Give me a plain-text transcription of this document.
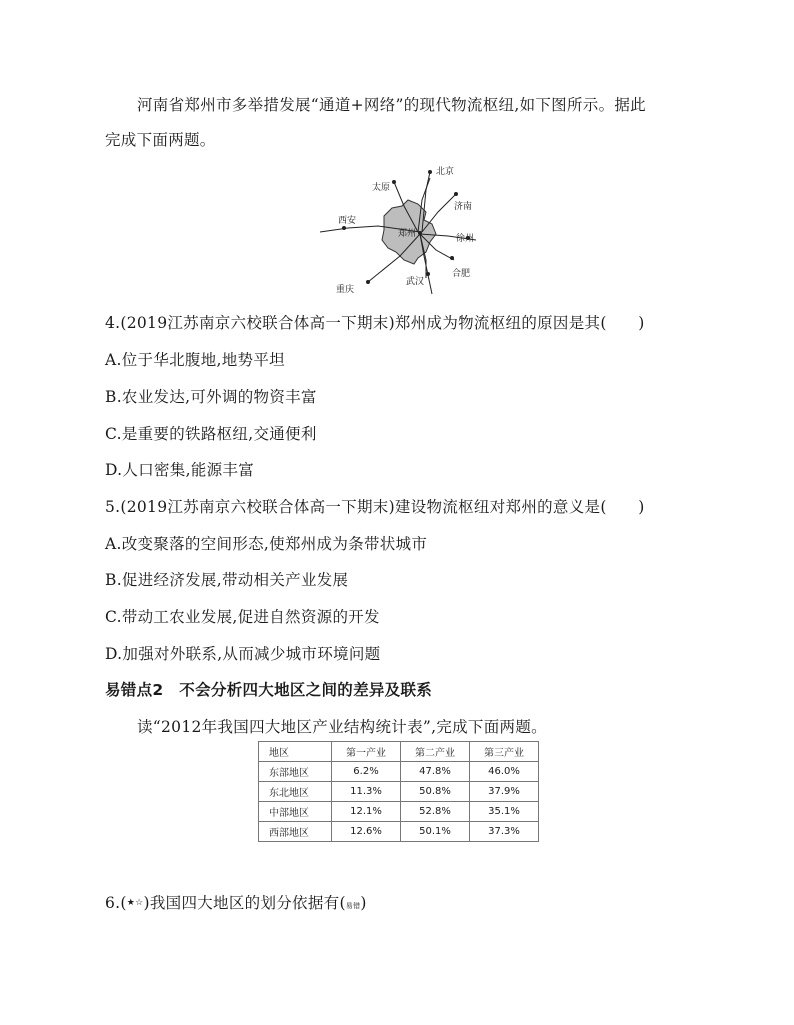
河南省郑州市多举措发展“通道+网络”的现代物流枢纽,如下图所示。据此
完成下面两题。
北京
太原
济南
西安
郑州	徐州
合肥
武汉
重庆
4.(2019江苏南京六校联合体高一下期末)郑州成为物流枢纽的原因是其(　　)
A.位于华北腹地,地势平坦
B.农业发达,可外调的物资丰富
C.是重要的铁路枢纽,交通便利
D.人口密集,能源丰富
5.(2019江苏南京六校联合体高一下期末)建设物流枢纽对郑州的意义是(　　)
A.改变聚落的空间形态,使郑州成为条带状城市
B.促进经济发展,带动相关产业发展
C.带动工农业发展,促进自然资源的开发
D.加强对外联系,从而减少城市环境问题
易错点2　不会分析四大地区之间的差异及联系
读“2012年我国四大地区产业结构统计表”,完成下面两题。
地区	第一产业	第二产业	第三产业
东部地区	6.2%	47.8%	46.0%
东北地区	11.3%	50.8%	37.9%
中部地区	12.1%	52.8%	35.1%
西部地区	12.6%	50.1%	37.3%
6.(★☆)我国四大地区的划分依据有(易错)
